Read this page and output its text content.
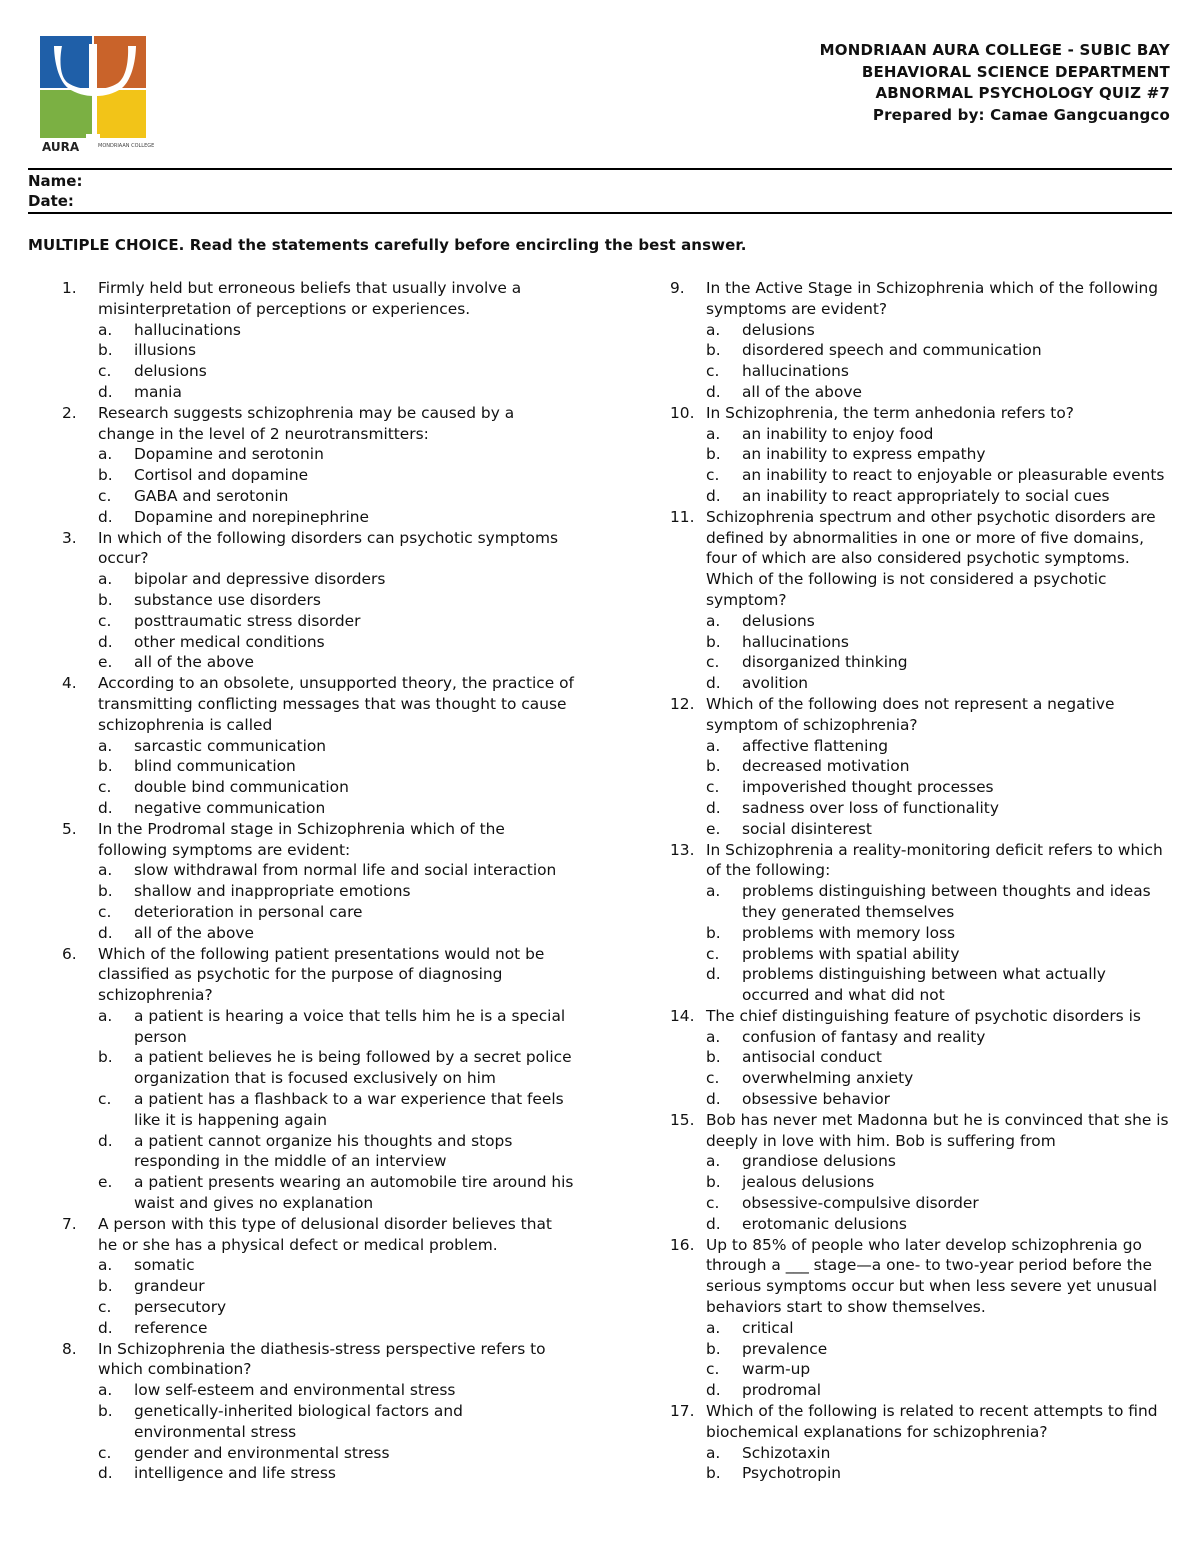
AURA	MONDRIAAN COLLEGE
MONDRIAAN AURA COLLEGE - SUBIC BAY
BEHAVIORAL SCIENCE DEPARTMENT
ABNORMAL PSYCHOLOGY QUIZ #7
Prepared by: Camae Gangcuangco
Name:
Date:
MULTIPLE CHOICE. Read the statements carefully before encircling the best answer.
1. Firmly held but erroneous beliefs that usually involve a misinterpretation of perceptions or experiences.
a. hallucinations
b. illusions
c. delusions
d. mania
2. Research suggests schizophrenia may be caused by a change in the level of 2 neurotransmitters:
a. Dopamine and serotonin
b. Cortisol and dopamine
c. GABA and serotonin
d. Dopamine and norepinephrine
3. In which of the following disorders can psychotic symptoms occur?
a. bipolar and depressive disorders
b. substance use disorders
c. posttraumatic stress disorder
d. other medical conditions
e. all of the above
4. According to an obsolete, unsupported theory, the practice of transmitting conflicting messages that was thought to cause schizophrenia is called
a. sarcastic communication
b. blind communication
c. double bind communication
d. negative communication
5. In the Prodromal stage in Schizophrenia which of the following symptoms are evident:
a. slow withdrawal from normal life and social interaction
b. shallow and inappropriate emotions
c. deterioration in personal care
d. all of the above
6. Which of the following patient presentations would not be classified as psychotic for the purpose of diagnosing schizophrenia?
a. a patient is hearing a voice that tells him he is a special person
b. a patient believes he is being followed by a secret police organization that is focused exclusively on him
c. a patient has a flashback to a war experience that feels like it is happening again
d. a patient cannot organize his thoughts and stops responding in the middle of an interview
e. a patient presents wearing an automobile tire around his waist and gives no explanation
7. A person with this type of delusional disorder believes that he or she has a physical defect or medical problem.
a. somatic
b. grandeur
c. persecutory
d. reference
8. In Schizophrenia the diathesis-stress perspective refers to which combination?
a. low self-esteem and environmental stress
b. genetically-inherited biological factors and environmental stress
c. gender and environmental stress
d. intelligence and life stress
9. In the Active Stage in Schizophrenia which of the following symptoms are evident?
a. delusions
b. disordered speech and communication
c. hallucinations
d. all of the above
10. In Schizophrenia, the term anhedonia refers to?
a. an inability to enjoy food
b. an inability to express empathy
c. an inability to react to enjoyable or pleasurable events
d. an inability to react appropriately to social cues
11. Schizophrenia spectrum and other psychotic disorders are defined by abnormalities in one or more of five domains, four of which are also considered psychotic symptoms. Which of the following is not considered a psychotic symptom?
a. delusions
b. hallucinations
c. disorganized thinking
d. avolition
12. Which of the following does not represent a negative symptom of schizophrenia?
a. affective flattening
b. decreased motivation
c. impoverished thought processes
d. sadness over loss of functionality
e. social disinterest
13. In Schizophrenia a reality-monitoring deficit refers to which of the following:
a. problems distinguishing between thoughts and ideas they generated themselves
b. problems with memory loss
c. problems with spatial ability
d. problems distinguishing between what actually occurred and what did not
14. The chief distinguishing feature of psychotic disorders is
a. confusion of fantasy and reality
b. antisocial conduct
c. overwhelming anxiety
d. obsessive behavior
15. Bob has never met Madonna but he is convinced that she is deeply in love with him. Bob is suffering from
a. grandiose delusions
b. jealous delusions
c. obsessive-compulsive disorder
d. erotomanic delusions
16. Up to 85% of people who later develop schizophrenia go through a ___ stage—a one- to two-year period before the serious symptoms occur but when less severe yet unusual behaviors start to show themselves.
a. critical
b. prevalence
c. warm-up
d. prodromal
17. Which of the following is related to recent attempts to find biochemical explanations for schizophrenia?
a. Schizotaxin
b. Psychotropin
